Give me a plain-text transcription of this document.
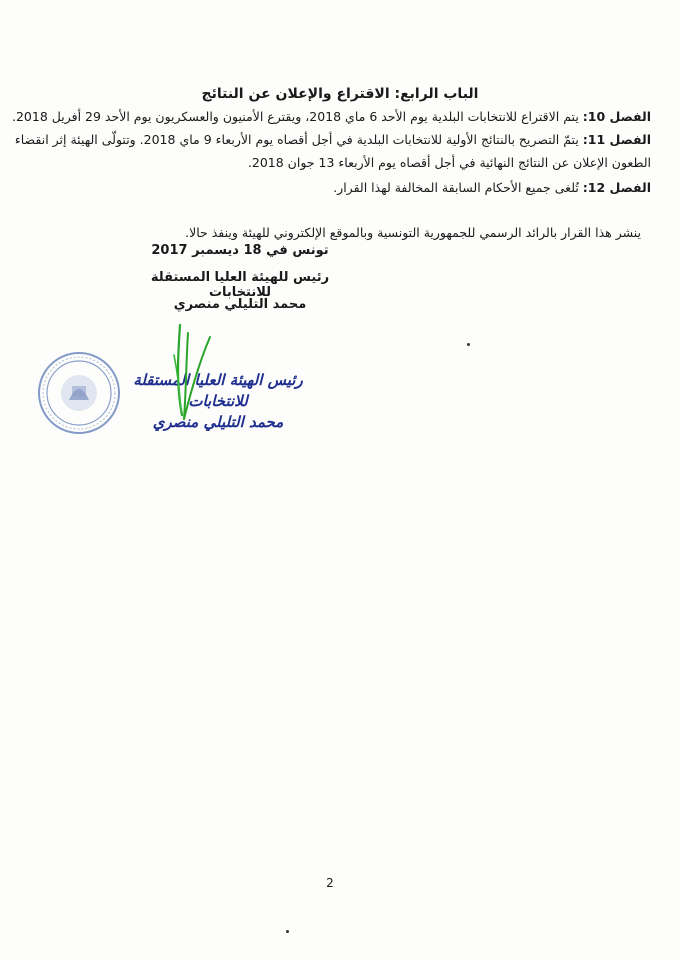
الباب الرابع: الاقتراع والإعلان عن النتائج
الفصل 10: يتم الاقتراع للانتخابات البلدية يوم الأحد 6 ماي 2018، ويقترع الأمنيون والعسكريون يوم الأحد 29 أفريل 2018.
الفصل 11: يتمّ التصريح بالنتائج الأولية للانتخابات البلدية في أجل أقصاه يوم الأربعاء 9 ماي 2018. وتتولّى الهيئة إثر انقضاء
الطعون الإعلان عن النتائج النهائية في أجل أقصاه يوم الأربعاء 13 جوان 2018.
الفصل 12: تُلغى جميع الأحكام السابقة المخالفة لهذا القرار.
ينشر هذا القرار بالرائد الرسمي للجمهورية التونسية وبالموقع الإلكتروني للهيئة وينفذ حالا.
تونس في 18 ديسمبر 2017
رئيس للهيئة العليا المستقلة للانتخابات
محمد التليلي منصري
رئيس الهيئة العليا المستقلة
للانتخابات
محمد التليلي منصري
2
